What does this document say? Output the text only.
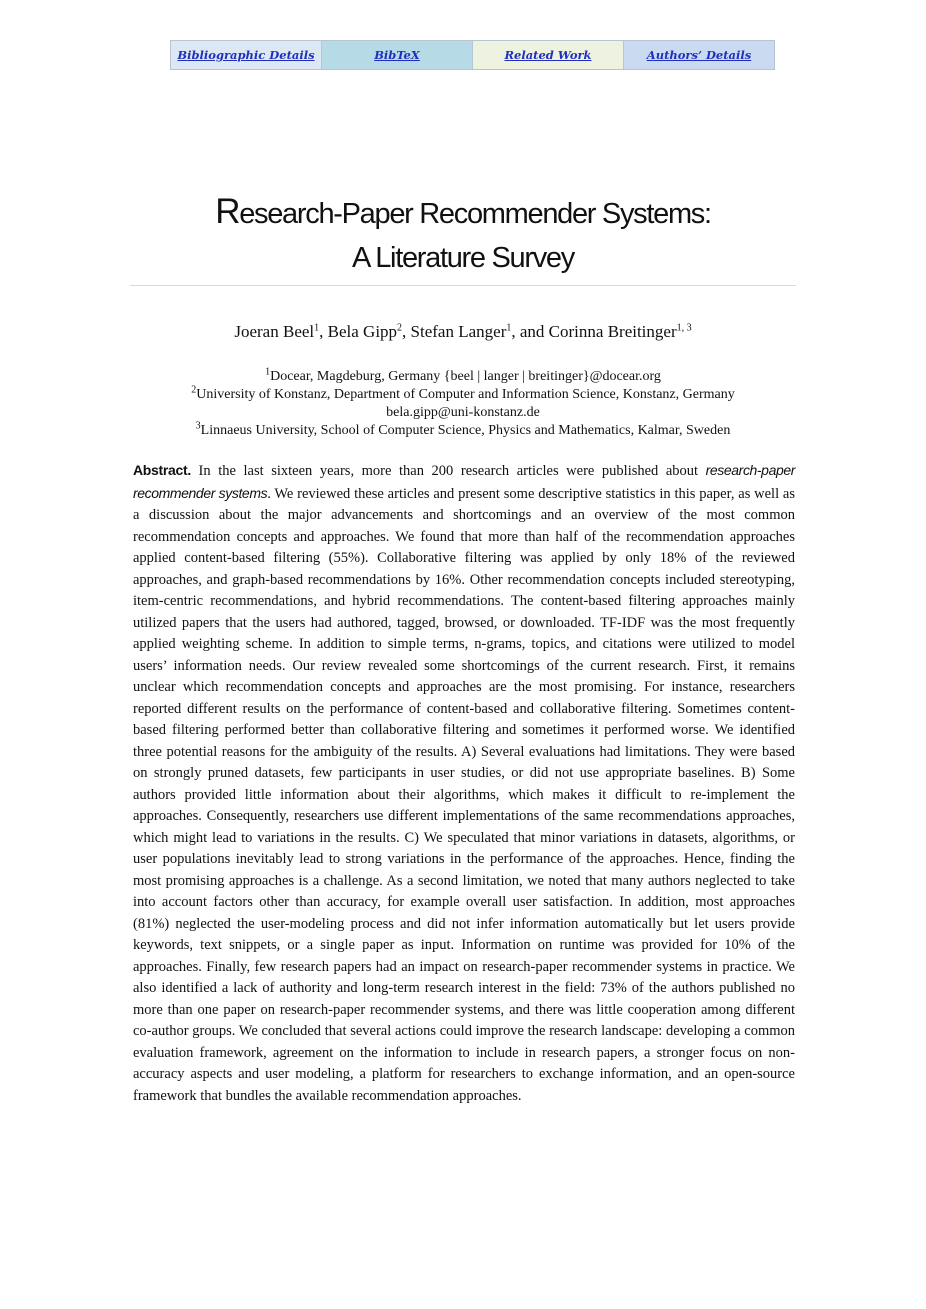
Bibliographic Details	BibTeX	Related Work	Authors’ Details
Research-Paper Recommender Systems:
A Literature Survey
Joeran Beel$^1$, Bela Gipp$^2$, Stefan Langer$^1$, and Corinna Breitinger$^{1, 3}$
$^1$Docear, Magdeburg, Germany {beel | langer | breitinger}@docear.org
$^2$University of Konstanz, Department of Computer and Information Science, Konstanz, Germany
bela.gipp@uni-konstanz.de
$^3$Linnaeus University, School of Computer Science, Physics and Mathematics, Kalmar, Sweden
Abstract. In the last sixteen years, more than 200 research articles were published about research-paper recommender systems. We reviewed these articles and present some descriptive statistics in this paper, as well as a discussion about the major advancements and shortcomings and an overview of the most common recommendation concepts and approaches. We found that more than half of the recommendation approaches applied content-based filtering (55%). Collaborative filtering was applied by only 18% of the reviewed approaches, and graph-based recommendations by 16%. Other recommendation concepts included stereotyping, item-centric recommendations, and hybrid recommendations. The content-based filtering approaches mainly utilized papers that the users had authored, tagged, browsed, or downloaded. TF-IDF was the most frequently applied weighting scheme. In addition to simple terms, n-grams, topics, and citations were utilized to model users’ information needs. Our review revealed some shortcomings of the current research. First, it remains unclear which recommendation concepts and approaches are the most promising. For instance, researchers reported different results on the performance of content-based and collaborative filtering. Sometimes content-based filtering performed better than collaborative filtering and sometimes it performed worse. We identified three potential reasons for the ambiguity of the results. A) Several evaluations had limitations. They were based on strongly pruned datasets, few participants in user studies, or did not use appropriate baselines. B) Some authors provided little information about their algorithms, which makes it difficult to re-implement the approaches. Consequently, researchers use different implementations of the same recommendations approaches, which might lead to variations in the results. C) We speculated that minor variations in datasets, algorithms, or user populations inevitably lead to strong variations in the performance of the approaches. Hence, finding the most promising approaches is a challenge. As a second limitation, we noted that many authors neglected to take into account factors other than accuracy, for example overall user satisfaction. In addition, most approaches (81%) neglected the user-modeling process and did not infer information automatically but let users provide keywords, text snippets, or a single paper as input. Information on runtime was provided for 10% of the approaches. Finally, few research papers had an impact on research-paper recommender systems in practice. We also identified a lack of authority and long-term research interest in the field: 73% of the authors published no more than one paper on research-paper recommender systems, and there was little cooperation among different co-author groups. We concluded that several actions could improve the research landscape: developing a common evaluation framework, agreement on the information to include in research papers, a stronger focus on non-accuracy aspects and user modeling, a platform for researchers to exchange information, and an open-source framework that bundles the available recommendation approaches.
